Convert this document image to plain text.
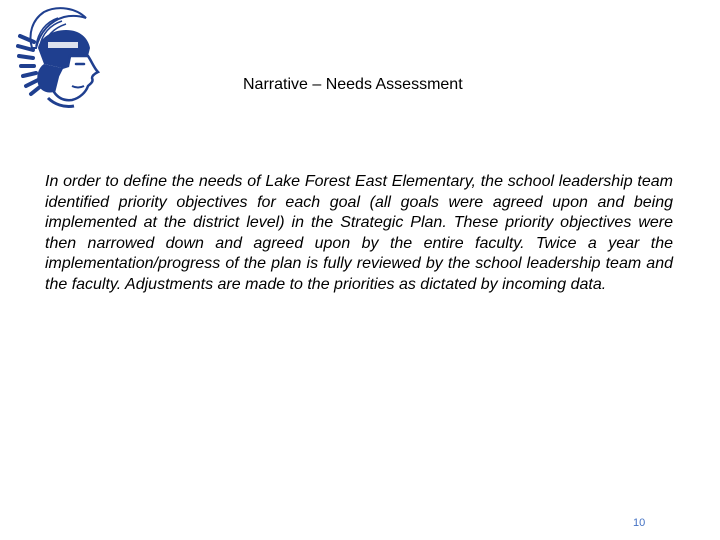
Narrative – Needs Assessment

In order to define the needs of Lake Forest East Elementary, the school leadership team identified priority objectives for each goal (all goals were agreed upon and being implemented at the district level) in the Strategic Plan. These priority objectives were then narrowed down and agreed upon by the entire faculty. Twice a year the implementation/progress of the plan is fully reviewed by the school leadership team and the faculty. Adjustments are made to the priorities as dictated by incoming data.

10
